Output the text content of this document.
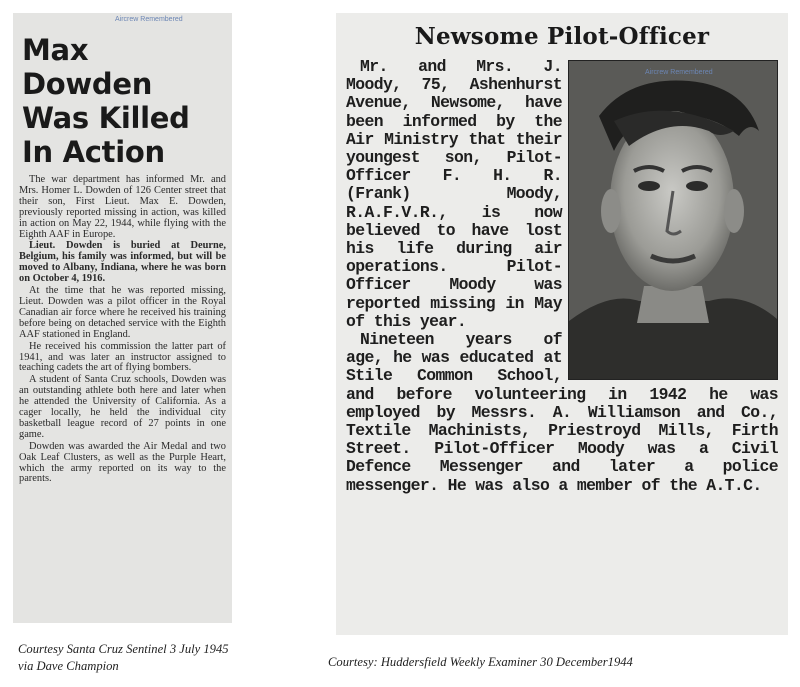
Max Dowden
Was Killed
In Action

The war department has informed Mr. and Mrs. Homer L. Dowden of 126 Center street that their son, First Lieut. Max E. Dowden, previously reported missing in action, was killed in action on May 22, 1944, while flying with the Eighth AAF in Europe.

Lieut. Dowden is buried at Deurne, Belgium, his family was informed, but will be moved to Albany, Indiana, where he was born on October 4, 1916.

At the time that he was reported missing, Lieut. Dowden was a pilot officer in the Royal Canadian air force where he received his training before being on detached service with the Eighth AAF stationed in England.

He received his commission the latter part of 1941, and was later an instructor assigned to teaching cadets the art of flying bombers.

A student of Santa Cruz schools, Dowden was an outstanding athlete both here and later when he attended the University of California. As a cager locally, he held the individual city basketball league record of 27 points in one game.

Dowden was awarded the Air Medal and two Oak Leaf Clusters, as well as the Purple Heart, which the army reported on its way to the parents.

Aircrew Remembered
Newsome Pilot-Officer

Mr. and Mrs. J. Moody, 75, Ashenhurst Avenue, Newsome, have been informed by the Air Ministry that their youngest son, Pilot-Officer F. H. R. (Frank) Moody, R.A.F.V.R., is now believed to have lost his life during air operations. Pilot-Officer Moody was reported missing in May of this year.

Nineteen years of age, he was educated at Stile Common School, and before volunteering in 1942 he was employed by Messrs. A. Williamson and Co., Textile Machinists, Priestroyd Mills, Firth Street. Pilot-Officer Moody was a Civil Defence Messenger and later a police messenger. He was also a member of the A.T.C.

Aircrew Remembered
Courtesy Santa Cruz Sentinel 3 July 1945 via Dave Champion	Courtesy: Huddersfield Weekly Examiner 30 December1944
